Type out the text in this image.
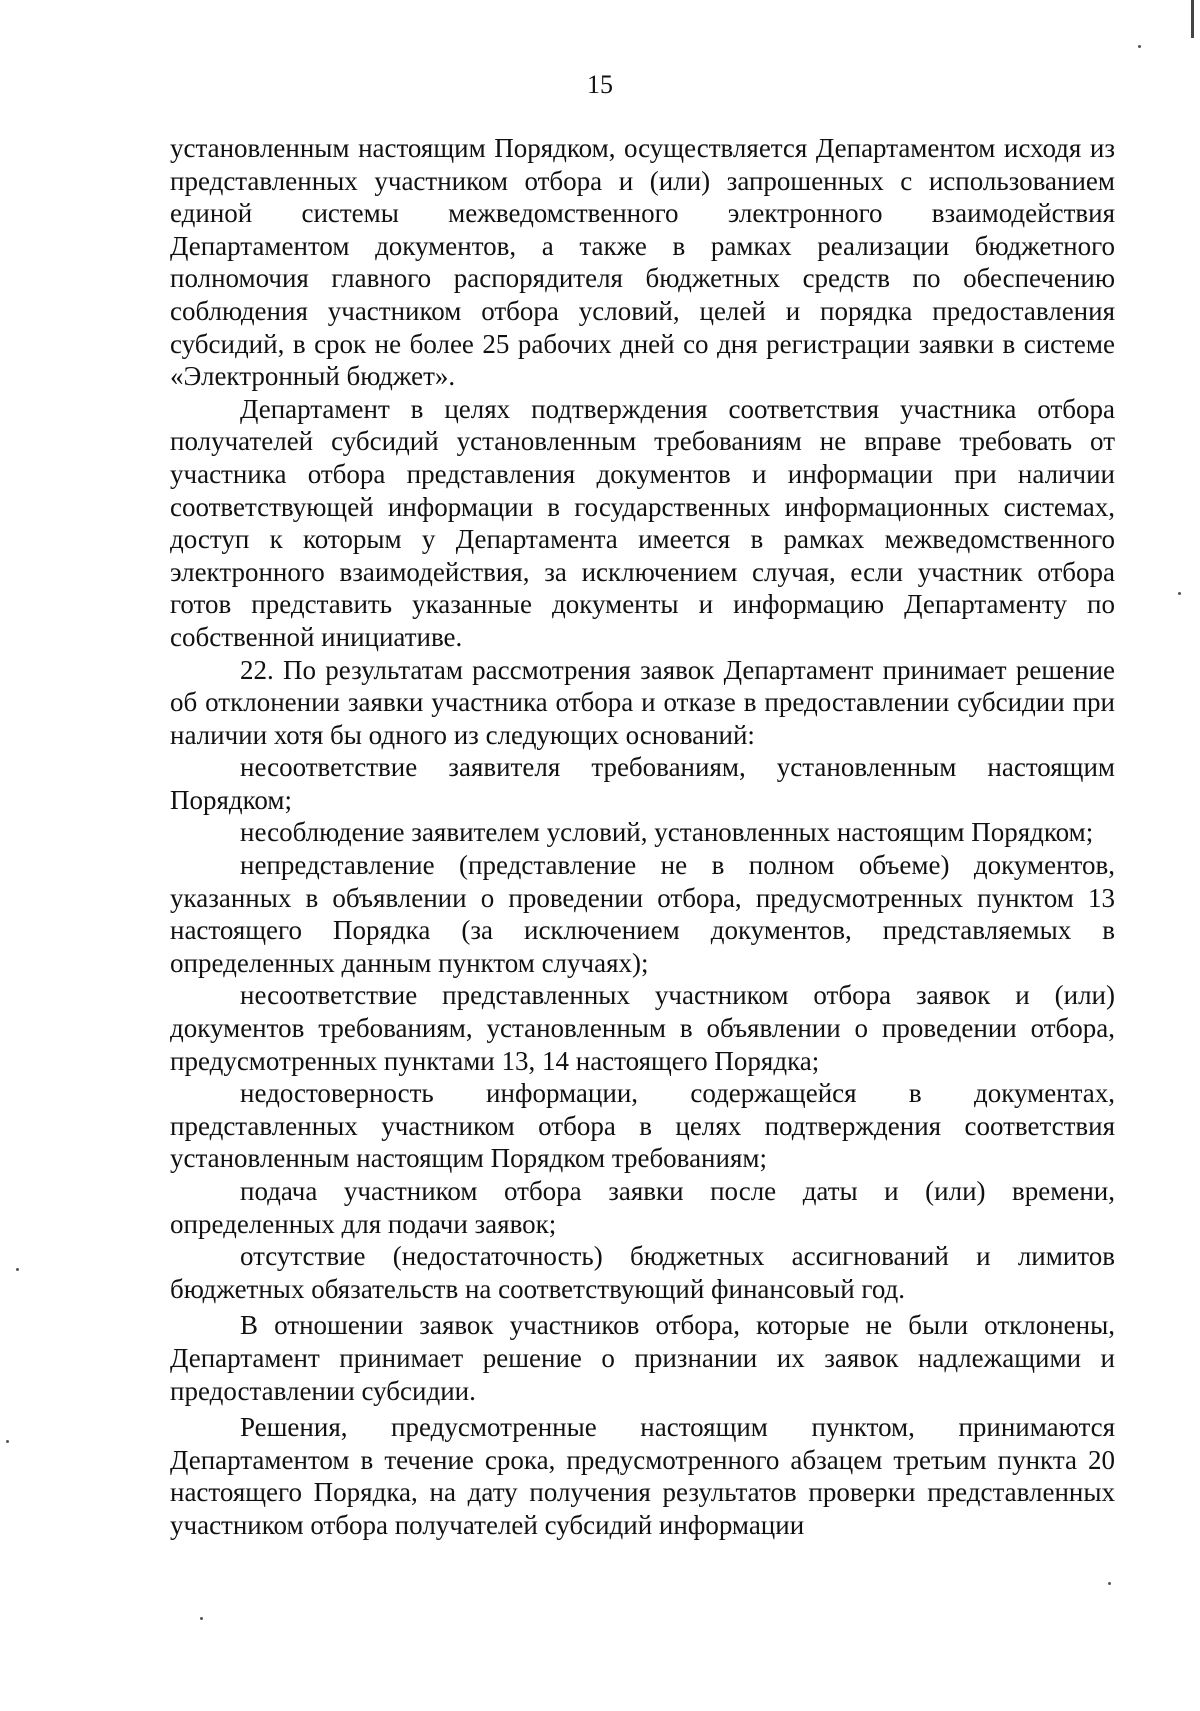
15

установленным настоящим Порядком, осуществляется Департаментом исходя из представленных участником отбора и (или) запрошенных с использованием единой системы межведомственного электронного взаимодействия Департаментом документов, а также в рамках реализации бюджетного полномочия главного распорядителя бюджетных средств по обеспечению соблюдения участником отбора условий, целей и порядка предоставления субсидий, в срок не более 25 рабочих дней со дня регистрации заявки в системе «Электронный бюджет».

Департамент в целях подтверждения соответствия участника отбора получателей субсидий установленным требованиям не вправе требовать от участника отбора представления документов и информации при наличии соответствующей информации в государственных информационных системах, доступ к которым у Департамента имеется в рамках межведомственного электронного взаимодействия, за исключением случая, если участник отбора готов представить указанные документы и информацию Департаменту по собственной инициативе.

22. По результатам рассмотрения заявок Департамент принимает решение об отклонении заявки участника отбора и отказе в предоставлении субсидии при наличии хотя бы одного из следующих оснований:

несоответствие заявителя требованиям, установленным настоящим Порядком;

несоблюдение заявителем условий, установленных настоящим Порядком;

непредставление (представление не в полном объеме) документов, указанных в объявлении о проведении отбора, предусмотренных пунктом 13 настоящего Порядка (за исключением документов, представляемых в определенных данным пунктом случаях);

несоответствие представленных участником отбора заявок и (или) документов требованиям, установленным в объявлении о проведении отбора, предусмотренных пунктами 13, 14 настоящего Порядка;

недостоверность информации, содержащейся в документах, представленных участником отбора в целях подтверждения соответствия установленным настоящим Порядком требованиям;

подача участником отбора заявки после даты и (или) времени, определенных для подачи заявок;

отсутствие (недостаточность) бюджетных ассигнований и лимитов бюджетных обязательств на соответствующий финансовый год.

В отношении заявок участников отбора, которые не были отклонены, Департамент принимает решение о признании их заявок надлежащими и предоставлении субсидии.

Решения, предусмотренные настоящим пунктом, принимаются Департаментом в течение срока, предусмотренного абзацем третьим пункта 20 настоящего Порядка, на дату получения результатов проверки представленных участником отбора получателей субсидий информации
